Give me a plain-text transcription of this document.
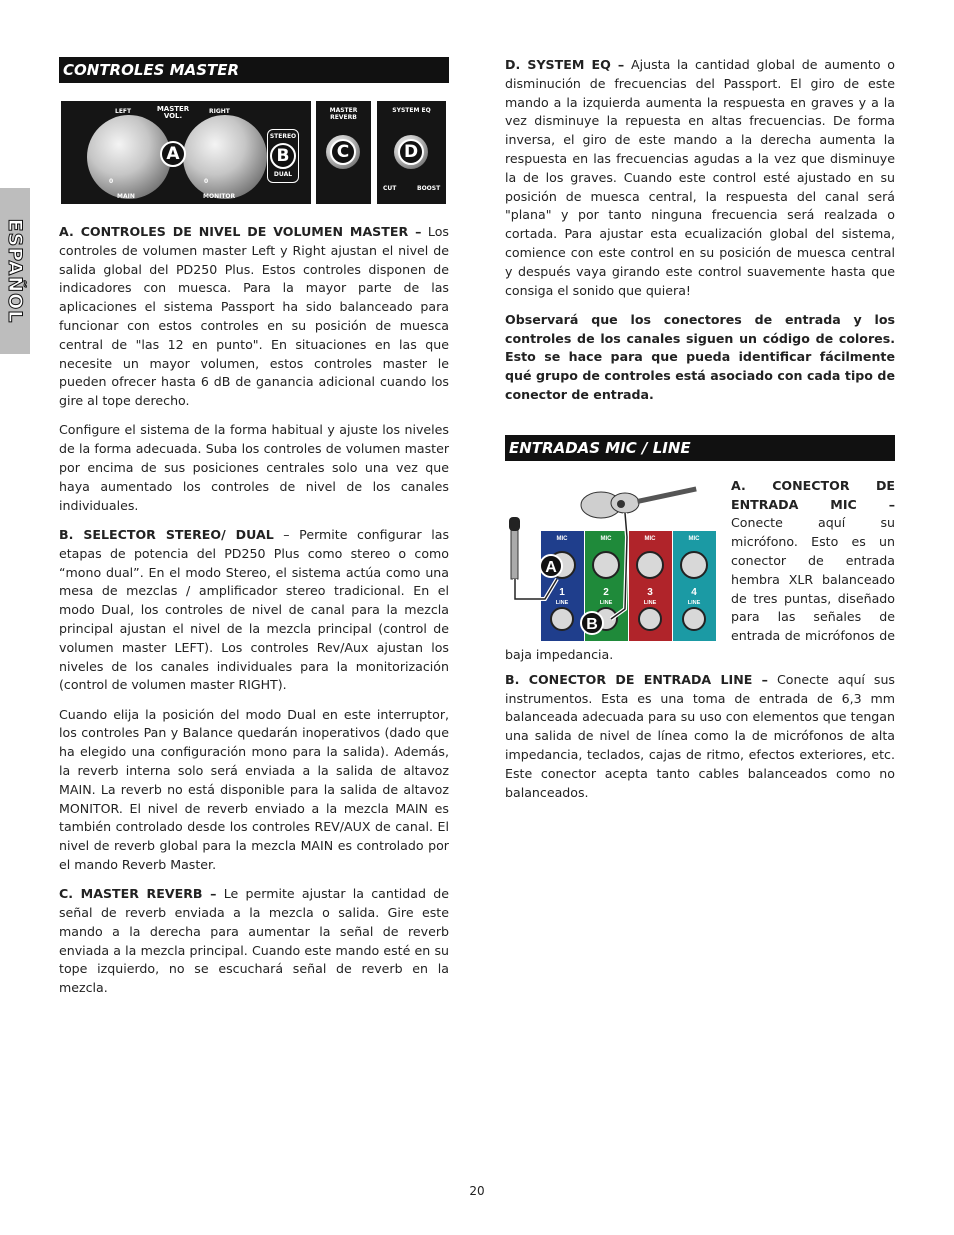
ESPAÑOL
CONTROLES MASTER
LEFT	MASTER VOL.
RIGHT
A
0	0
MAIN	MONITOR
STEREO
B
DUAL
MASTER REVERB
C
SYSTEM EQ
D
CUT	BOOST

A. CONTROLES DE NIVEL DE VOLUMEN MASTER – Los controles de volumen master Left y Right ajustan el nivel de salida global del PD250 Plus. Estos controles disponen de indicadores con muesca. Para la mayor parte de las aplicaciones el sistema Passport ha sido balanceado para funcionar con estos controles en su posición de muesca central de "las 12 en punto". En situaciones en las que necesite un mayor volumen, estos controles master le pueden ofrecer hasta 6 dB de ganancia adicional cuando los gire al tope derecho.

Configure el sistema de la forma habitual y ajuste los niveles de la forma adecuada. Suba los controles de volumen master por encima de sus posiciones centrales solo una vez que haya aumentado los controles de nivel de los canales individuales.

B. SELECTOR STEREO/ DUAL – Permite configurar las etapas de potencia del PD250 Plus como stereo o como “mono dual”. En el modo Stereo, el sistema actúa como una mesa de mezclas / amplificador stereo tradicional. En el modo Dual, los controles de nivel de canal para la mezcla principal ajustan el nivel de la mezcla principal (control de volumen master LEFT). Los controles Rev/Aux ajustan los niveles de los canales individuales para la monitorización (control de volumen master RIGHT).

Cuando elija la posición del modo Dual en este interruptor, los controles Pan y Balance quedarán inoperativos (dado que ha elegido una configuración mono para la salida). Además, la reverb interna solo será enviada a la salida de altavoz MAIN. La reverb no está disponible para la salida de altavoz MONITOR. El nivel de reverb enviado a la mezcla MAIN es también controlado desde los controles REV/AUX de canal. El nivel de reverb global para la mezcla MAIN es controlado por el mando Reverb Master.

C. MASTER REVERB – Le permite ajustar la cantidad de señal de reverb enviada a la mezcla o salida. Gire este mando a la derecha para aumentar la señal de reverb enviada a la mezcla principal. Cuando este mando esté en su tope izquierdo, no se escuchará señal de reverb en la mezcla.

D. SYSTEM EQ – Ajusta la cantidad global de aumento o disminución de frecuencias del Passport. El giro de este mando a la izquierda aumenta la respuesta en graves y a la vez disminuye la repuesta en altas frecuencias. De forma inversa, el giro de este mando a la derecha aumenta la respuesta en las frecuencias agudas a la vez que disminuye la de los graves. Cuando este control esté ajustado en su posición de muesca central, la respuesta del canal será "plana" y por tanto ninguna frecuencia será realzada o cortada. Para ajustar esta ecualización global del sistema, comience con este control en su posición de muesca central y después vaya girando este control suavemente hasta que consiga el sonido que quiera!

Observará que los conectores de entrada y los controles de los canales siguen un código de colores. Esto se hace para que pueda identificar fácilmente qué grupo de controles está asociado con cada tipo de conector de entrada.

ENTRADAS MIC / LINE
MIC	MIC	MIC	MIC
1	2	3	4
LINE	LINE	LINE	LINE
A
B

A. CONECTOR DE ENTRADA MIC – Conecte aquí su micrófono. Esto es un conector de entrada hembra XLR balanceado de tres puntas, diseñado para las señales de entrada de micrófonos de baja impedancia.

B. CONECTOR DE ENTRADA LINE – Conecte aquí sus instrumentos. Esta es una toma de entrada de 6,3 mm balanceada adecuada para su uso con elementos que tengan una salida de nivel de línea como la de micrófonos de alta impedancia, teclados, cajas de ritmo, efectos exteriores, etc. Este conector acepta tanto cables balanceados como no balanceados.

20
